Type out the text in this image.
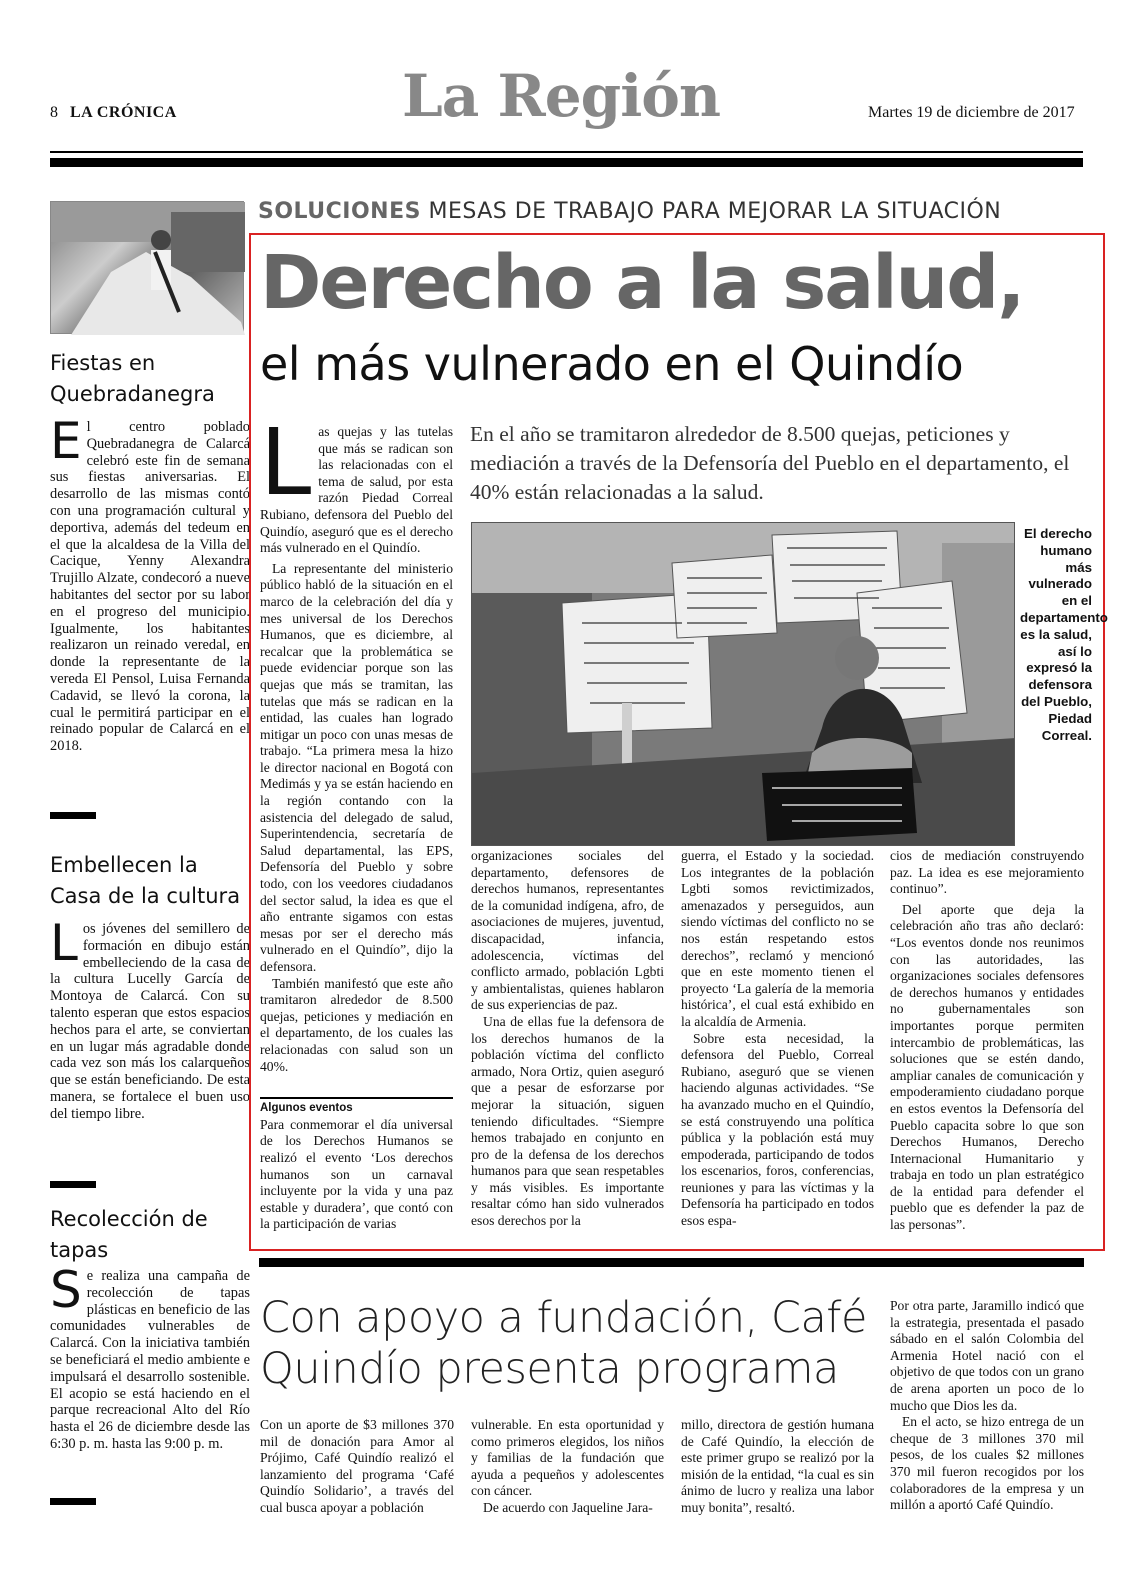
8 LA CRÓNICA	La Región	Martes 19 de diciembre de 2017
Fiestas en Quebradanegra
El centro poblado Quebradanegra de Calarcá celebró este fin de semana sus fiestas aniversarias. El desarrollo de las mismas contó con una programación cultural y deportiva, además del tedeum en el que la alcaldesa de la Villa del Cacique, Yenny Alexandra Trujillo Alzate, condecoró a nueve habitantes del sector por su labor en el progreso del municipio. Igualmente, los habitantes realizaron un reinado veredal, en donde la representante de la vereda El Pensol, Luisa Fernanda Cadavid, se llevó la corona, la cual le permitirá participar en el reinado popular de Calarcá en el 2018.
Embellecen la Casa de la cultura
Los jóvenes del semillero de formación en dibujo están embelleciendo de la casa de la cultura Lucelly García de Montoya de Calarcá. Con su talento esperan que estos espacios hechos para el arte, se conviertan en un lugar más agradable donde cada vez son más los calarqueños que se están beneficiando. De esta manera, se fortalece el buen uso del tiempo libre.
Recolección de tapas
Se realiza una campaña de recolección de tapas plásticas en beneficio de las comunidades vulnerables de Calarcá. Con la iniciativa también se beneficiará el medio ambiente e impulsará el desarrollo sostenible. El acopio se está haciendo en el parque recreacional Alto del Río hasta el 26 de diciembre desde las 6:30 p. m. hasta las 9:00 p. m.
SOLUCIONES MESAS DE TRABAJO PARA MEJORAR LA SITUACIÓN
Derecho a la salud,
el más vulnerado en el Quindío
En el año se tramitaron alrededor de 8.500 quejas, peticiones y mediación a través de la Defensoría del Pueblo en el departamento, el 40% están relacionadas a la salud.
L as quejas y las tutelas que más se radican son las relacionadas con el tema de salud, por esta razón Piedad Correal Rubiano, defensora del Pueblo del Quindío, aseguró que es el derecho más vulnerado en el Quindío.

La representante del ministerio público habló de la situación en el marco de la celebración del día y mes universal de los Derechos Humanos, que es diciembre, al recalcar que la problemática se puede evidenciar porque son las quejas que más se tramitan, las tutelas que más se radican en la entidad, las cuales han logrado mitigar un poco con unas mesas de trabajo. “La primera mesa la hizo le director nacional en Bogotá con Medimás y ya se están haciendo en la región contando con la asistencia del delegado de salud, Superintendencia, secretaría de Salud departamental, las EPS, Defensoría del Pueblo y sobre todo, con los veedores ciudadanos del sector salud, la idea es que el año entrante sigamos con estas mesas por ser el derecho más vulnerado en el Quindío”, dijo la defensora.

También manifestó que este año tramitaron alrededor de 8.500 quejas, peticiones y mediación en el departamento, de los cuales las relacionadas con salud son un 40%.

Algunos eventos

Para conmemorar el día universal de los Derechos Humanos se realizó el evento ‘Los derechos humanos son un carnaval incluyente por la vida y una paz estable y duradera’, que contó con la participación de varias

El derecho humano más vulnerado en el departamento es la salud, así lo expresó la defensora del Pueblo, Piedad Correal.

organizaciones sociales del departamento, defensores de derechos humanos, representantes de la comunidad indígena, afro, de asociaciones de mujeres, juventud, discapacidad, infancia, adolescencia, víctimas del conflicto armado, población Lgbti y ambientalistas, quienes hablaron de sus experiencias de paz.

Una de ellas fue la defensora de los derechos humanos de la población víctima del conflicto armado, Nora Ortiz, quien aseguró que a pesar de esforzarse por mejorar la situación, siguen teniendo dificultades. “Siempre hemos trabajado en conjunto en pro de la defensa de los derechos humanos para que sean respetables y más visibles. Es importante resaltar cómo han sido vulnerados esos derechos por la

guerra, el Estado y la sociedad. Los integrantes de la población Lgbti somos revictimizados, amenazados y perseguidos, aun siendo víctimas del conflicto no se nos están respetando estos derechos”, reclamó y mencionó que en este momento tienen el proyecto ‘La galería de la memoria histórica’, el cual está exhibido en la alcaldía de Armenia.

Sobre esta necesidad, la defensora del Pueblo, Correal Rubiano, aseguró que se vienen haciendo algunas actividades. “Se ha avanzado mucho en el Quindío, se está construyendo una política pública y la población está muy empoderada, participando de todos los escenarios, foros, conferencias, reuniones y para las víctimas y la Defensoría ha participado en todos esos espa-

cios de mediación construyendo paz. La idea es ese mejoramiento continuo”.

Del aporte que deja la celebración año tras año declaró: “Los eventos donde nos reunimos con las autoridades, las organizaciones sociales defensores de derechos humanos y entidades no gubernamentales son importantes porque permiten intercambio de problemáticas, las soluciones que se estén dando, ampliar canales de comunicación y empoderamiento ciudadano porque en estos eventos la Defensoría del Pueblo capacita sobre lo que son Derechos Humanos, Derecho Internacional Humanitario y trabaja en todo un plan estratégico de la entidad para defender el pueblo que es defender la paz de las personas”.

Con apoyo a fundación, Café Quindío presenta programa

Con un aporte de $3 millones 370 mil de donación para Amor al Prójimo, Café Quindío realizó el lanzamiento del programa ‘Café Quindío Solidario’, a través del cual busca apoyar a población

vulnerable. En esta oportunidad y como primeros elegidos, los niños y familias de la fundación que ayuda a pequeños y adolescentes con cáncer.

De acuerdo con Jaqueline Jara-

millo, directora de gestión humana de Café Quindío, la elección de este primer grupo se realizó por la misión de la entidad, “la cual es sin ánimo de lucro y realiza una labor muy bonita”, resaltó.

Por otra parte, Jaramillo indicó que la estrategia, presentada el pasado sábado en el salón Colombia del Armenia Hotel nació con el objetivo de que todos con un grano de arena aporten un poco de lo mucho que Dios les da.

En el acto, se hizo entrega de un cheque de 3 millones 370 mil pesos, de los cuales $2 millones 370 mil fueron recogidos por los colaboradores de la empresa y un millón a aportó Café Quindío.
